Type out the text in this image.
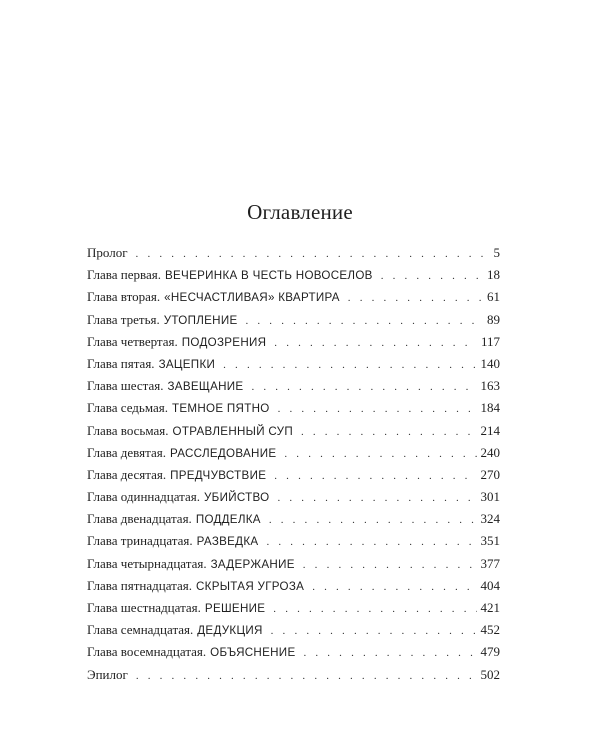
Оглавление
Пролог . . .	5
Глава первая. ВЕЧЕРИНКА В ЧЕСТЬ НОВОСЕЛОВ . . .	18
Глава вторая. «НЕСЧАСТЛИВАЯ» КВАРТИРА . . .	61
Глава третья. УТОПЛЕНИЕ . . .	89
Глава четвертая. ПОДОЗРЕНИЯ . . .	117
Глава пятая. ЗАЦЕПКИ . . .	140
Глава шестая. ЗАВЕЩАНИЕ . . .	163
Глава седьмая. ТЕМНОЕ ПЯТНО . . .	184
Глава восьмая. ОТРАВЛЕННЫЙ СУП . . .	214
Глава девятая. РАССЛЕДОВАНИЕ . . .	240
Глава десятая. ПРЕДЧУВСТВИЕ . . .	270
Глава одиннадцатая. УБИЙСТВО . . .	301
Глава двенадцатая. ПОДДЕЛКА . . .	324
Глава тринадцатая. РАЗВЕДКА . . .	351
Глава четырнадцатая. ЗАДЕРЖАНИЕ . . .	377
Глава пятнадцатая. СКРЫТАЯ УГРОЗА . . .	404
Глава шестнадцатая. РЕШЕНИЕ . . .	421
Глава семнадцатая. ДЕДУКЦИЯ . . .	452
Глава восемнадцатая. ОБЪЯСНЕНИЕ . . .	479
Эпилог . . .	502
